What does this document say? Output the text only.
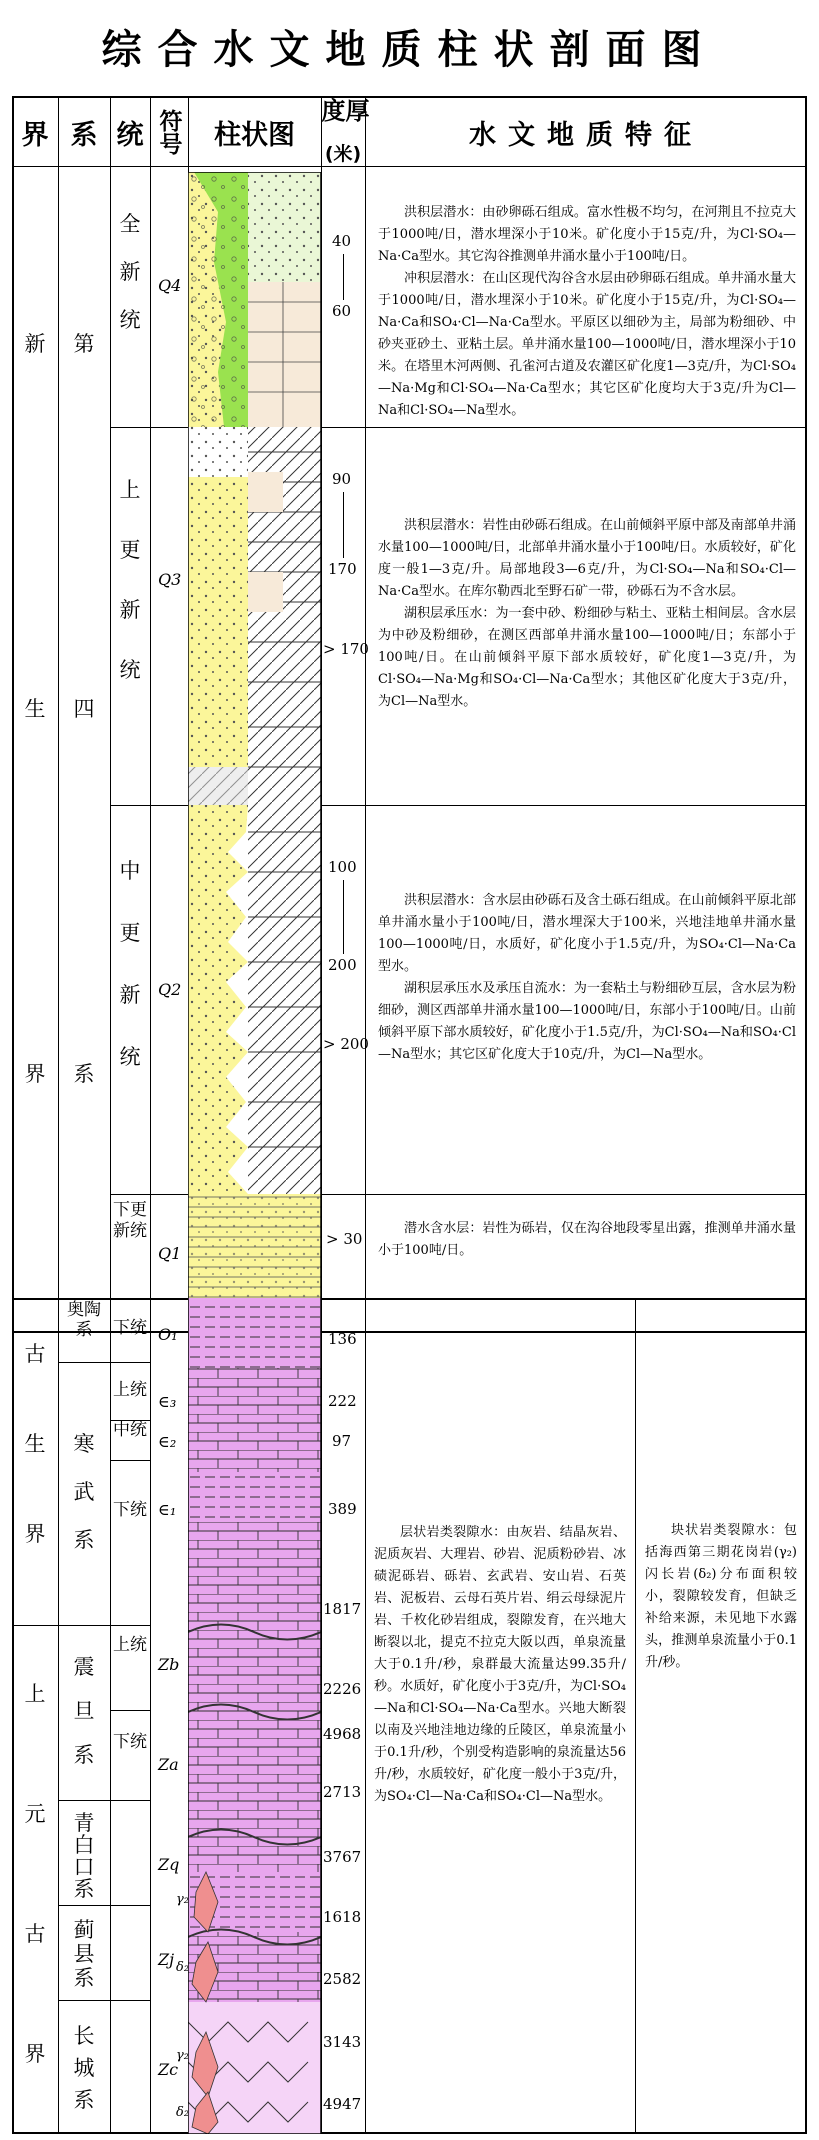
综合水文地质柱状剖面图
界 系 统 符号	柱状图
厚度
(米)
水文地质特征
新
生
界
第
四
系
全新统
上更新统
中更新统
下更新统
Q4
Q3
Q2
Q1
40
60
90
170
> 170
100
200
> 200
> 30

洪积层潜水：由砂卵砾石组成。富水性极不均匀，在河荆且不拉克大于1000吨/日，潜水埋深小于10米。矿化度小于15克/升，为Cl·SO₄—Na·Ca型水。其它沟谷推测单井涌水量小于100吨/日。

冲积层潜水：在山区现代沟谷含水层由砂卵砾石组成。单井涌水量大于1000吨/日，潜水埋深小于10米。矿化度小于15克/升，为Cl·SO₄—Na·Ca和SO₄·Cl—Na·Ca型水。平原区以细砂为主，局部为粉细砂、中砂夹亚砂土、亚粘土层。单井涌水量100—1000吨/日，潜水埋深小于10米。在塔里木河两侧、孔雀河古道及农灌区矿化度1—3克/升，为Cl·SO₄—Na·Mg和Cl·SO₄—Na·Ca型水；其它区矿化度均大于3克/升为Cl—Na和Cl·SO₄—Na型水。

洪积层潜水：岩性由砂砾石组成。在山前倾斜平原中部及南部单井涌水量100—1000吨/日，北部单井涌水量小于100吨/日。水质较好，矿化度一般1—3克/升。局部地段3—6克/升，为Cl·SO₄—Na和SO₄·Cl—Na·Ca型水。在库尔勒西北至野石矿一带，砂砾石为不含水层。

湖积层承压水：为一套中砂、粉细砂与粘土、亚粘土相间层。含水层为中砂及粉细砂，在测区西部单井涌水量100—1000吨/日；东部小于100吨/日。在山前倾斜平原下部水质较好，矿化度1—3克/升，为Cl·SO₄—Na·Mg和SO₄·Cl—Na·Ca型水；其他区矿化度大于3克/升，为Cl—Na型水。

洪积层潜水：含水层由砂砾石及含土砾石组成。在山前倾斜平原北部单井涌水量小于100吨/日，潜水埋深大于100米，兴地洼地单井涌水量100—1000吨/日，水质好，矿化度小于1.5克/升，为SO₄·Cl—Na·Ca型水。

湖积层承压水及承压自流水：为一套粘土与粉细砂互层，含水层为粉细砂，测区西部单井涌水量100—1000吨/日，东部小于100吨/日。山前倾斜平原下部水质较好，矿化度小于1.5克/升，为Cl·SO₄—Na和SO₄·Cl—Na型水；其它区矿化度大于10克/升，为Cl—Na型水。

潜水含水层：岩性为砾岩，仅在沟谷地段零星出露，推测单井涌水量小于100吨/日。

古
生
界
上
元
古
界
奥陶系
寒武系
震旦系
青白口系
蓟县系
长城系
下统
上统
中统
下统
上统
下统
O₁
∈₃
∈₂
∈₁
Zb
Za
Zq
Zj
Zc
136
222
97
389
1817
2226
4968
2713
3767
1618
2582
3143
4947
层状岩类裂隙水：由灰岩、结晶灰岩、泥质灰岩、大理岩、砂岩、泥质粉砂岩、冰碛泥砾岩、砾岩、玄武岩、安山岩、石英岩、泥板岩、云母石英片岩、绢云母绿泥片岩、千枚化砂岩组成，裂隙发育，在兴地大断裂以北，提克不拉克大阪以西，单泉流量大于0.1升/秒，泉群最大流量达99.35升/秒。水质好，矿化度小于3克/升，为Cl·SO₄—Na和Cl·SO₄—Na·Ca型水。兴地大断裂以南及兴地洼地边缘的丘陵区，单泉流量小于0.1升/秒，个别受构造影响的泉流量达56升/秒，水质较好，矿化度一般小于3克/升，为SO₄·Cl—Na·Ca和SO₄·Cl—Na型水。
块状岩类裂隙水：包括海西第三期花岗岩(γ₂)闪长岩(δ₂)分布面积较小，裂隙较发育，但缺乏补给来源，未见地下水露头，推测单泉流量小于0.1升/秒。
γ₂
δ₂
γ₂
δ₂
